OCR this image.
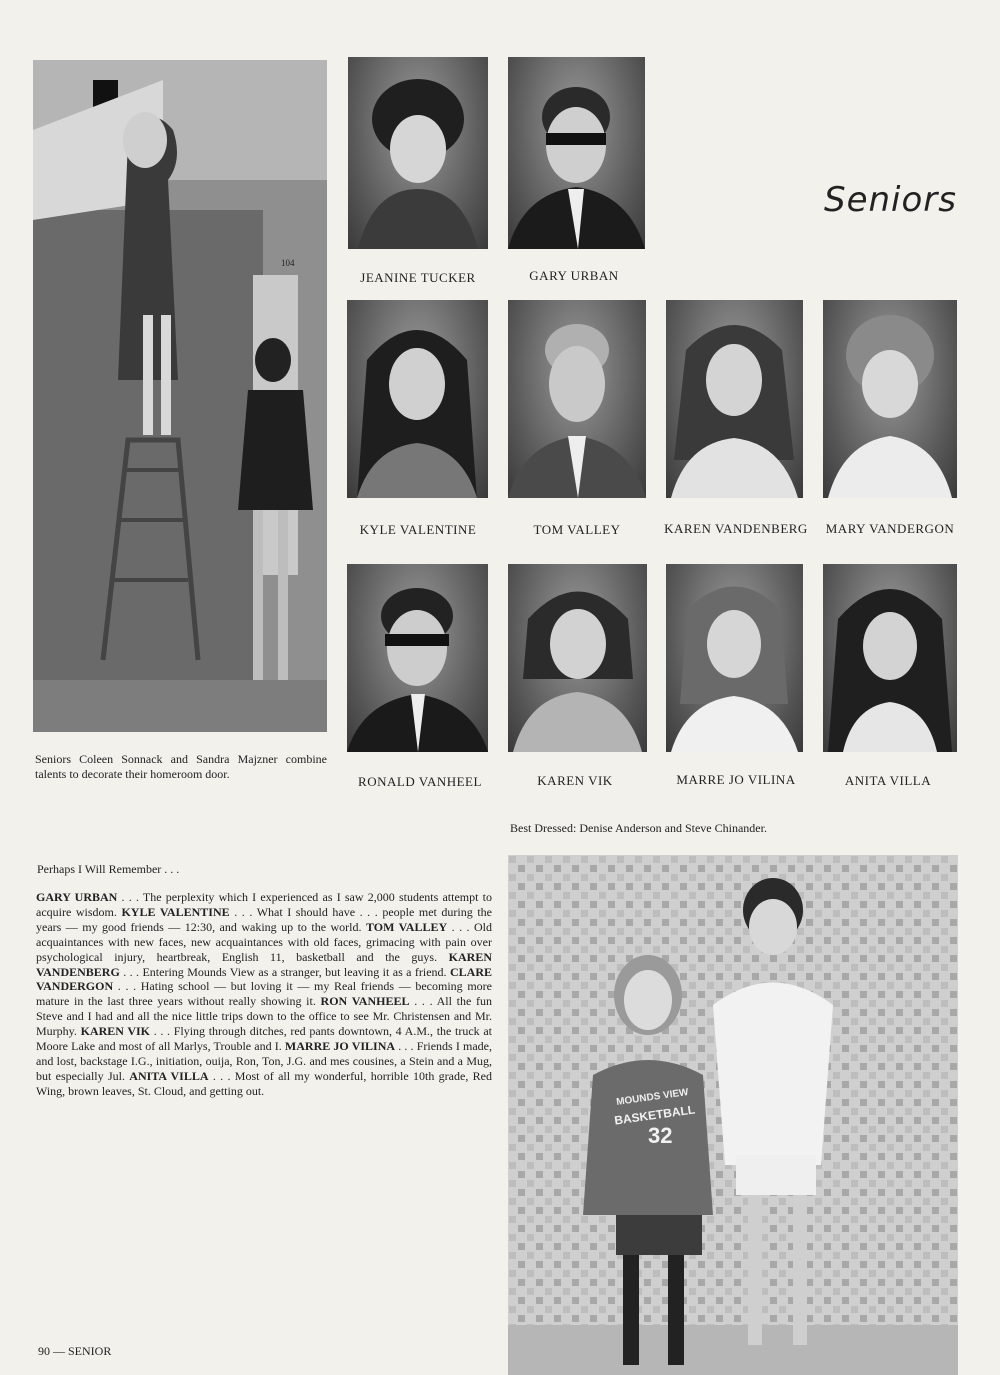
Seniors
104
Seniors Coleen Sonnack and Sandra Majzner combine talents to decorate their homeroom door.
JEANINE TUCKER	GARY URBAN
KYLE VALENTINE	TOM VALLEY	KAREN VANDENBERG	MARY VANDERGON
RONALD VANHEEL	KAREN VIK	MARRE JO VILINA	ANITA VILLA
Best Dressed: Denise Anderson and Steve Chinander.
MOUNDS VIEW
BASKETBALL
32
Perhaps I Will Remember . . .
GARY URBAN . . . The perplexity which I experienced as I saw 2,000 students attempt to acquire wisdom. KYLE VALENTINE . . . What I should have . . . people met during the years — my good friends — 12:30, and waking up to the world. TOM VALLEY . . . Old acquaintances with new faces, new acquaintances with old faces, grimacing with pain over psychological injury, heartbreak, English 11, basketball and the guys. KAREN VANDENBERG . . . Entering Mounds View as a stranger, but leaving it as a friend. CLARE VANDERGON . . . Hating school — but loving it — my Real friends — becoming more mature in the last three years without really showing it. RON VANHEEL . . . All the fun Steve and I had and all the nice little trips down to the office to see Mr. Christensen and Mr. Murphy. KAREN VIK . . . Flying through ditches, red pants downtown, 4 A.M., the truck at Moore Lake and most of all Marlys, Trouble and I. MARRE JO VILINA . . . Friends I made, and lost, backstage I.G., initiation, ouija, Ron, Ton, J.G. and mes cousines, a Stein and a Mug, but especially Jul. ANITA VILLA . . . Most of all my wonderful, horrible 10th grade, Red Wing, brown leaves, St. Cloud, and getting out.
90 — SENIOR
